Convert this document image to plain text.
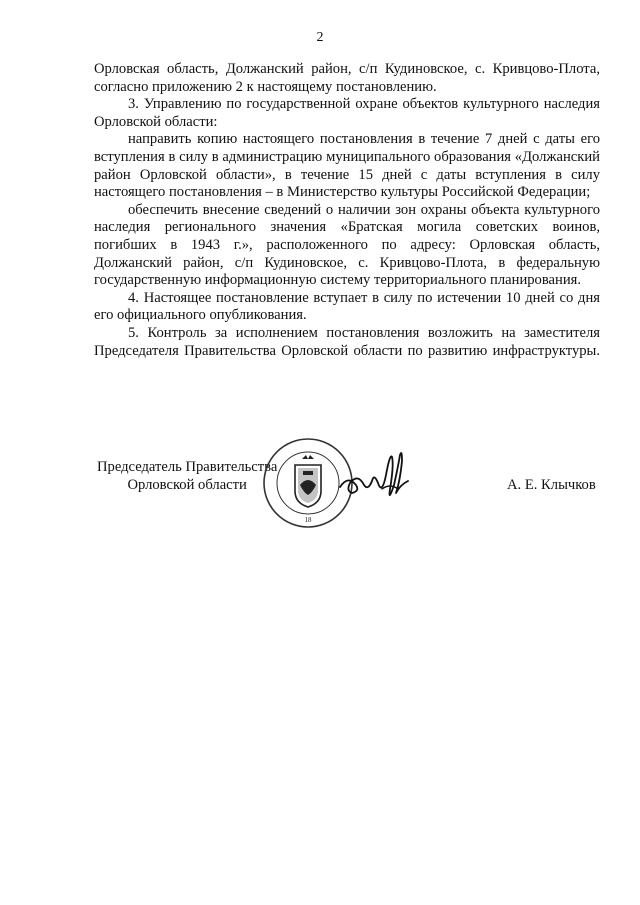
2

Орловская область, Должанский район, с/п Кудиновское, с. Кривцово-Плота, согласно приложению 2 к настоящему постановлению.

3. Управлению по государственной охране объектов культурного наследия Орловской области:

направить копию настоящего постановления в течение 7 дней с даты его вступления в силу в администрацию муниципального образования «Должанский район Орловской области», в течение 15 дней с даты вступления в силу настоящего постановления – в Министерство культуры Российской Федерации;

обеспечить внесение сведений о наличии зон охраны объекта культурного наследия регионального значения «Братская могила советских воинов, погибших в 1943 г.», расположенного по адресу: Орловская область, Должанский район, с/п Кудиновское, с. Кривцово-Плота, в федеральную государственную информационную систему территориального планирования.

4. Настоящее постановление вступает в силу по истечении 10 дней со дня его официального опубликования.

5. Контроль за исполнением постановления возложить на заместителя Председателя Правительства Орловской области по развитию инфраструктуры.

Председатель Правительства
Орловской области
18
А. Е. Клычков
